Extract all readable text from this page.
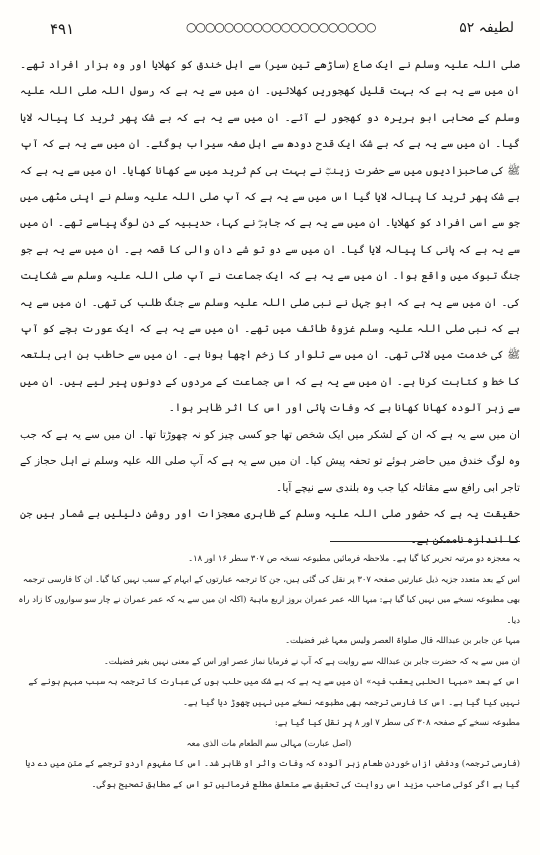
۴۹۱	○○○○○○○○○○○○○○○○○○○○	لطیفہ ۵۲

صلی اللہ علیہ وسلم نے ایک صاع (ساڑھے تین سیر) سے اہل خندق کو کھلایا اور وہ ہزار افراد تھے۔ ان میں سے یہ ہے کہ بہت قلیل کھجوریں کھلائیں۔ ان میں سے یہ ہے کہ رسول اللہ صلی اللہ علیہ وسلم کے صحابی ابو ہریرہ دو کھجور لے آئے۔ ان میں سے یہ ہے کہ بے شک پھر ثرید کا پیالہ لایا گیا۔ ان میں سے یہ ہے کہ بے شک ایک قدح دودھ سے اہل صفہ سیراب ہوگئے۔ ان میں سے یہ ہے کہ آپ ﷺ کی صاحبزادیوں میں سے حضرت زینبؓ نے بہت ہی کم ثرید میں سے کھانا کھایا۔ ان میں سے یہ ہے کہ بے شک پھر ثرید کا پیالہ لایا گیا اس میں سے یہ ہے کہ آپ صلی اللہ علیہ وسلم نے اپنی مٹھی میں جو سے اسی افراد کو کھلایا۔ ان میں سے یہ ہے کہ جابرؓ نے کہا، حدیبیہ کے دن لوگ پیاسے تھے۔ ان میں سے یہ ہے کہ پانی کا پیالہ لایا گیا۔ ان میں سے دو تو شے دان والی کا قصہ ہے۔ ان میں سے یہ ہے جو جنگ تبوک میں واقع ہوا۔ ان میں سے یہ ہے کہ ایک جماعت نے آپ صلی اللہ علیہ وسلم سے شکایت کی۔ ان میں سے یہ ہے کہ ابو جہل نے نبی صلی اللہ علیہ وسلم سے جنگ طلب کی تھی۔ ان میں سے یہ ہے کہ نبی صلی اللہ علیہ وسلم غزوۂ طائف میں تھے۔ ان میں سے یہ ہے کہ ایک عورت بچے کو آپ ﷺ کی خدمت میں لائی تھی۔ ان میں سے تلوار کا زخم اچھا ہونا ہے۔ ان میں سے حاطب بن ابی بلتعہ کا خط و کتابت کرنا ہے۔ ان میں سے یہ ہے کہ اس جماعت کے مردوں کے دونوں پیر لیے ہیں۔ ان میں سے زہر آلودہ کھانا کھانا ہے کہ وفات پائی اور اس کا اثر ظاہر ہوا۔

ان میں سے یہ ہے کہ ان کے لشکر میں ایک شخص تھا جو کسی چیز کو نہ چھوڑتا تھا۔ ان میں سے یہ ہے کہ جب وہ لوگ خندق میں حاضر ہوئے تو تحفہ پیش کیا۔ ان میں سے یہ ہے کہ آپ صلی اللہ علیہ وسلم نے اہل حجاز کے تاجر ابی رافع سے مقاتلہ کیا جب وہ بلندی سے نیچے آیا۔

حقیقت یہ ہے کہ حضور صلی اللہ علیہ وسلم کے ظاہری معجزات اور روشن دلیلیں بے شمار ہیں جن

یہ معجزہ دو مرتبہ تحریر کیا گیا ہے۔ ملاحظہ فرمائیں مطبوعہ نسخہ ص ۳۰۷ سطر ۱۶ اور ۱۸۔

اس کے بعد متعدد جزیہ ذیل عبارتیں صفحہ ۳۰۷ پر نقل کی گئی ہیں، جن کا ترجمہ عبارتوں کے ابہام کے سبب نہیں کیا گیا۔ ان کا فارسی ترجمہ بھی مطبوعہ نسخے میں نہیں کیا گیا ہے: مبہا اللہ عمر عمران بروز اربع ماہیۃ (اکلہ ان میں سے یہ کہ عمر عمران نے چار سو سواروں کا زاد راہ دیا۔

مبہا عن جابر بن عبداللہ قال صلواۃ العصر ولیس معہا غیر فضیلت۔

ان میں سے یہ کہ حضرت جابر بن عبداللہ سے روایت ہے کہ آپ نے فرمایا نماز عصر اور اس کے معنی نہیں بغیر فضیلت۔

اس کے بعد «مبہا الحلبی یعقب فیہ» ان میں سے یہ ہے کہ بے شک میں حلب ہوں کی عبارت کا ترجمہ بہ سبب مبہم ہونے کے نہیں کیا گیا ہے۔ اس کا فارسی ترجمہ بھی مطبوعہ نسخے میں نہیں چھوڑ دیا گیا ہے۔

مطبوعہ نسخے کے صفحہ ۳۰۸ کی سطر ۷ اور ۸ پر نقل کیا گیا ہے:

(اصل عبارت) مہالی سم الطعام مات الذی معہ

(فارسی ترجمہ) ودفض ازاں خوردن طعام زہر آلودہ کہ وفات واثر او ظاہر شد۔ اس کا مفہوم اردو ترجمے کے متن میں دے دیا گیا ہے اگر کوئی صاحب مزید اس روایت کی تحقیق سے متعلق مطلع فرمائیں تو اس کے مطابق تصحیح ہوگی۔
